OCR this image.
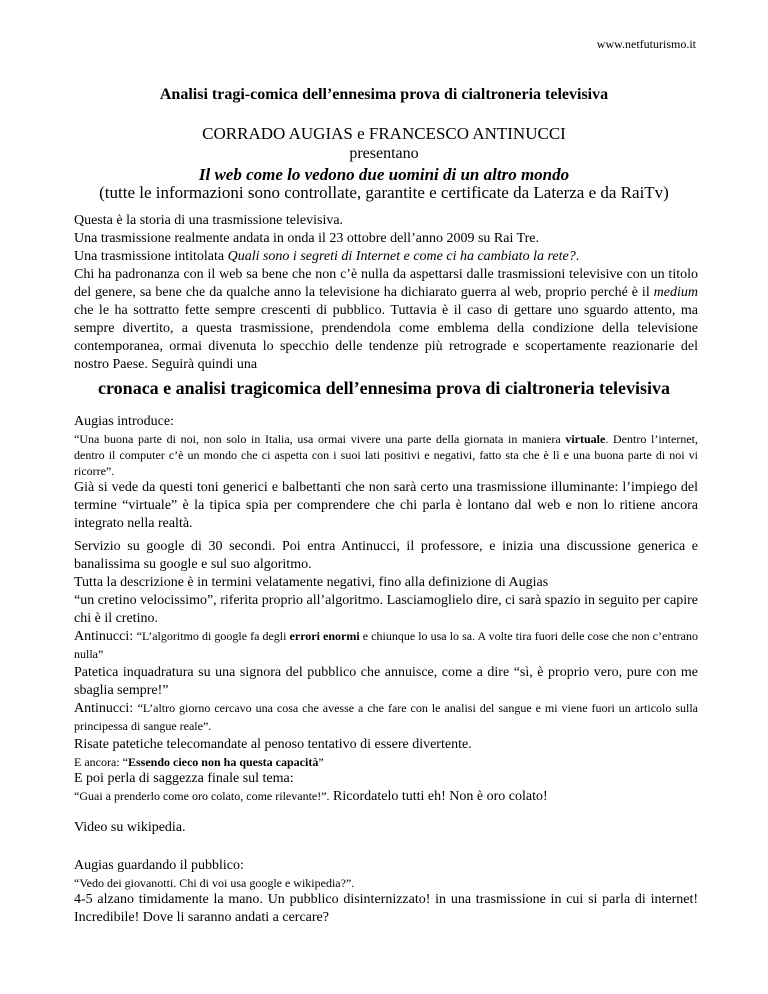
www.netfuturismo.it
Analisi tragi-comica dell’ennesima prova di cialtroneria televisiva
CORRADO AUGIAS e FRANCESCO ANTINUCCI
presentano
Il web come lo vedono due uomini di un altro mondo
(tutte le informazioni sono controllate, garantite e certificate da Laterza e da RaiTv)

Questa è la storia di una trasmissione televisiva.

Una trasmissione realmente andata in onda il 23 ottobre dell’anno 2009 su Rai Tre.

Una trasmissione intitolata Quali sono i segreti di Internet e come ci ha cambiato la rete?.

Chi ha padronanza con il web sa bene che non c’è nulla da aspettarsi dalle trasmissioni televisive con un titolo del genere, sa bene che da qualche anno la televisione ha dichiarato guerra al web, proprio perché è il medium che le ha sottratto fette sempre crescenti di pubblico. Tuttavia è il caso di gettare uno sguardo attento, ma sempre divertito, a questa trasmissione, prendendola come emblema della condizione della televisione contemporanea, ormai divenuta lo specchio delle tendenze più retrograde e scopertamente reazionarie del nostro Paese. Seguirà quindi una

cronaca e analisi tragicomica dell’ennesima prova di cialtroneria televisiva

Augias introduce:

“Una buona parte di noi, non solo in Italia, usa ormai vivere una parte della giornata in maniera virtuale. Dentro l’internet, dentro il computer c’è un mondo che ci aspetta con i suoi lati positivi e negativi, fatto sta che è lì e una buona parte di noi vi ricorre”.

Già si vede da questi toni generici e balbettanti che non sarà certo una trasmissione illuminante: l’impiego del termine “virtuale” è la tipica spia per comprendere che chi parla è lontano dal web e non lo ritiene ancora integrato nella realtà.

Servizio su google di 30 secondi. Poi entra Antinucci, il professore, e inizia una discussione generica e banalissima su google e sul suo algoritmo.

Tutta la descrizione è in termini velatamente negativi, fino alla definizione di Augias

“un cretino velocissimo”, riferita proprio all’algoritmo. Lasciamoglielo dire, ci sarà spazio in seguito per capire chi è il cretino.

Antinucci: “L’algoritmo di google fa degli errori enormi e chiunque lo usa lo sa. A volte tira fuori delle cose che non c’entrano nulla”

Patetica inquadratura su una signora del pubblico che annuisce, come a dire “sì, è proprio vero, pure con me sbaglia sempre!”

Antinucci: “L’altro giorno cercavo una cosa che avesse a che fare con le analisi del sangue e mi viene fuori un articolo sulla principessa di sangue reale”.

Risate patetiche telecomandate al penoso tentativo di essere divertente.

E ancora: “Essendo cieco non ha questa capacità”

E poi perla di saggezza finale sul tema:

“Guai a prenderlo come oro colato, come rilevante!”. Ricordatelo tutti eh! Non è oro colato!

Video su wikipedia.

Augias guardando il pubblico:

“Vedo dei giovanotti. Chi di voi usa google e wikipedia?”.

4-5 alzano timidamente la mano. Un pubblico disinternizzato! in una trasmissione in cui si parla di internet! Incredibile! Dove li saranno andati a cercare?
